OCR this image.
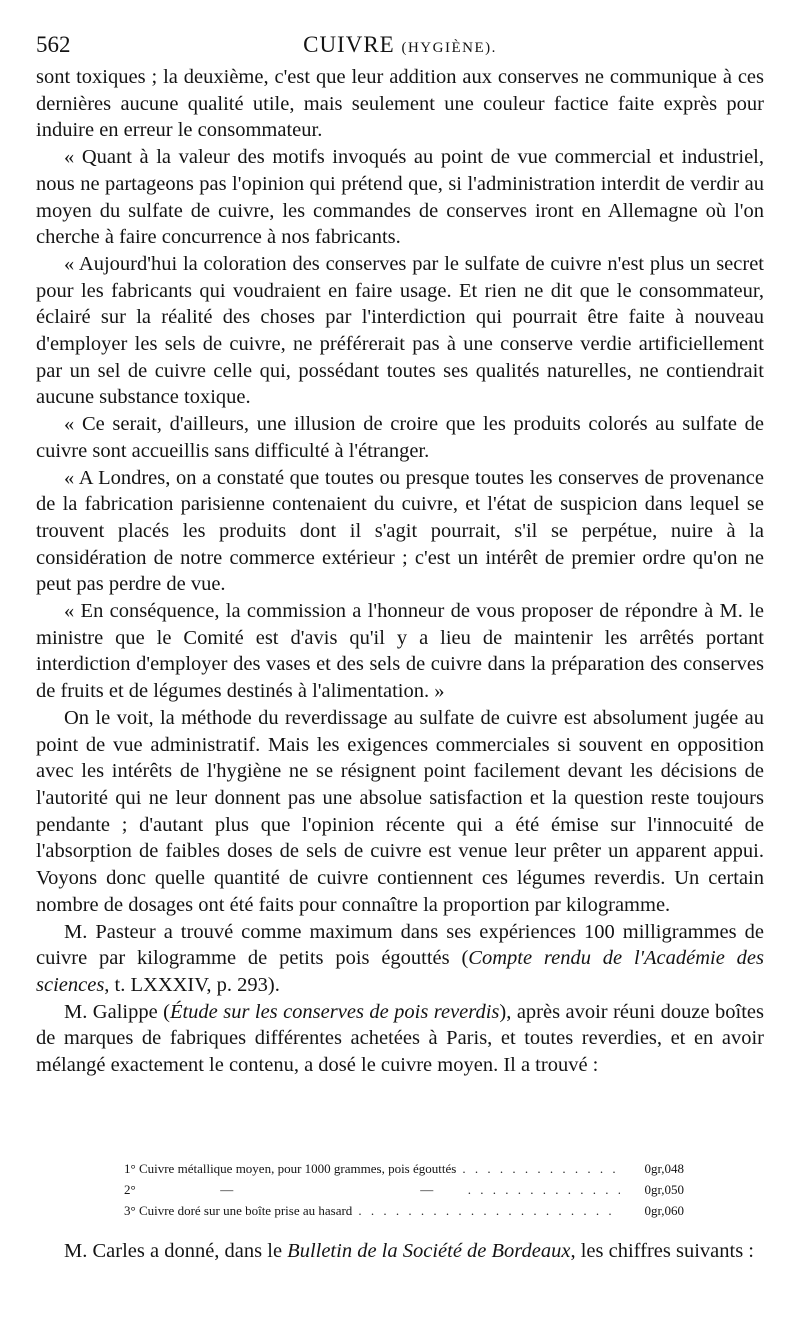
562	CUIVRE (HYGIÈNE).

sont toxiques ; la deuxième, c'est que leur addition aux conserves ne communique à ces dernières aucune qualité utile, mais seulement une couleur factice faite exprès pour induire en erreur le consommateur.

« Quant à la valeur des motifs invoqués au point de vue commercial et industriel, nous ne partageons pas l'opinion qui prétend que, si l'administration interdit de verdir au moyen du sulfate de cuivre, les commandes de conserves iront en Allemagne où l'on cherche à faire concurrence à nos fabricants.

« Aujourd'hui la coloration des conserves par le sulfate de cuivre n'est plus un secret pour les fabricants qui voudraient en faire usage. Et rien ne dit que le consommateur, éclairé sur la réalité des choses par l'interdiction qui pourrait être faite à nouveau d'employer les sels de cuivre, ne préférerait pas à une conserve verdie artificiellement par un sel de cuivre celle qui, possédant toutes ses qualités naturelles, ne contiendrait aucune substance toxique.

« Ce serait, d'ailleurs, une illusion de croire que les produits colorés au sulfate de cuivre sont accueillis sans difficulté à l'étranger.

« A Londres, on a constaté que toutes ou presque toutes les conserves de provenance de la fabrication parisienne contenaient du cuivre, et l'état de suspicion dans lequel se trouvent placés les produits dont il s'agit pourrait, s'il se perpétue, nuire à la considération de notre commerce extérieur ; c'est un intérêt de premier ordre qu'on ne peut pas perdre de vue.

« En conséquence, la commission a l'honneur de vous proposer de répondre à M. le ministre que le Comité est d'avis qu'il y a lieu de maintenir les arrêtés portant interdiction d'employer des vases et des sels de cuivre dans la préparation des conserves de fruits et de légumes destinés à l'alimentation. »

On le voit, la méthode du reverdissage au sulfate de cuivre est absolument jugée au point de vue administratif. Mais les exigences commerciales si souvent en opposition avec les intérêts de l'hygiène ne se résignent point facilement devant les décisions de l'autorité qui ne leur donnent pas une absolue satisfaction et la question reste toujours pendante ; d'autant plus que l'opinion récente qui a été émise sur l'innocuité de l'absorption de faibles doses de sels de cuivre est venue leur prêter un apparent appui. Voyons donc quelle quantité de cuivre contiennent ces légumes reverdis. Un certain nombre de dosages ont été faits pour connaître la proportion par kilogramme.

M. Pasteur a trouvé comme maximum dans ses expériences 100 milligrammes de cuivre par kilogramme de petits pois égouttés (Compte rendu de l'Académie des sciences, t. LXXXIV, p. 293).

M. Galippe (Étude sur les conserves de pois reverdis), après avoir réuni douze boîtes de marques de fabriques différentes achetées à Paris, et toutes reverdies, et en avoir mélangé exactement le contenu, a dosé le cuivre moyen. Il a trouvé :

1° Cuivre métallique moyen, pour 1000 grammes, pois égouttés . . .	0gr,048
2°	—	— . . .	0gr,050
3° Cuivre doré sur une boîte prise au hasard . . .	0gr,060

M. Carles a donné, dans le Bulletin de la Société de Bordeaux, les chiffres suivants :
